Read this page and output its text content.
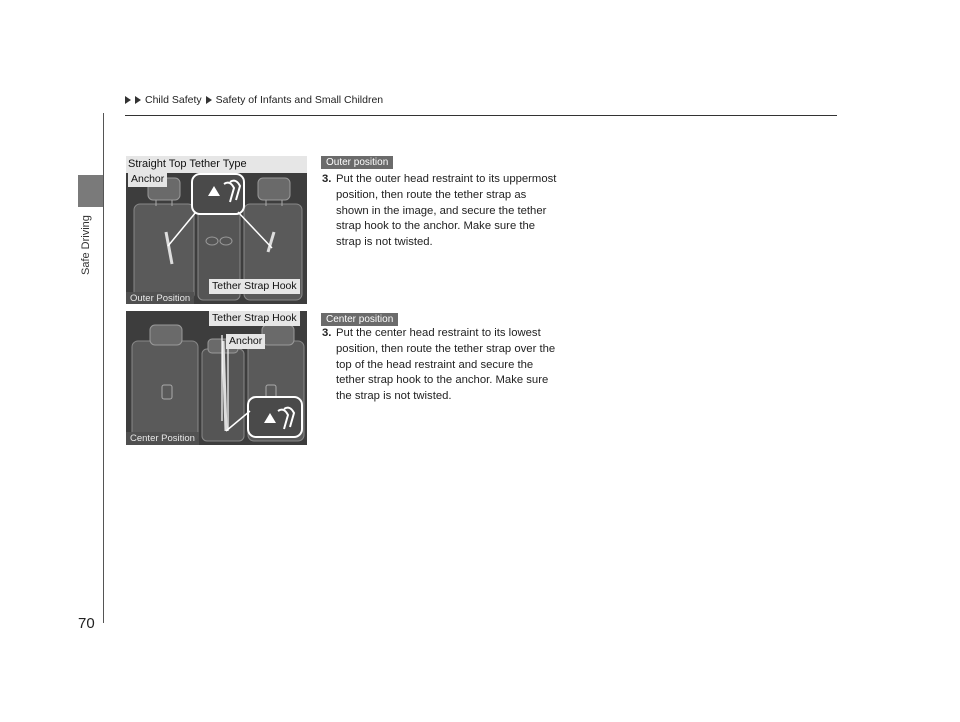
Safe Driving
Child Safety Safety of Infants and Small Children
Straight Top Tether Type
Anchor
Tether Strap Hook
Outer Position
Tether Strap Hook
Anchor
Center Position
Outer position
3. Put the outer head restraint to its uppermost position, then route the tether strap as shown in the image, and secure the tether strap hook to the anchor. Make sure the strap is not twisted.
Center position
3. Put the center head restraint to its lowest position, then route the tether strap over the top of the head restraint and secure the tether strap hook to the anchor. Make sure the strap is not twisted.
70
